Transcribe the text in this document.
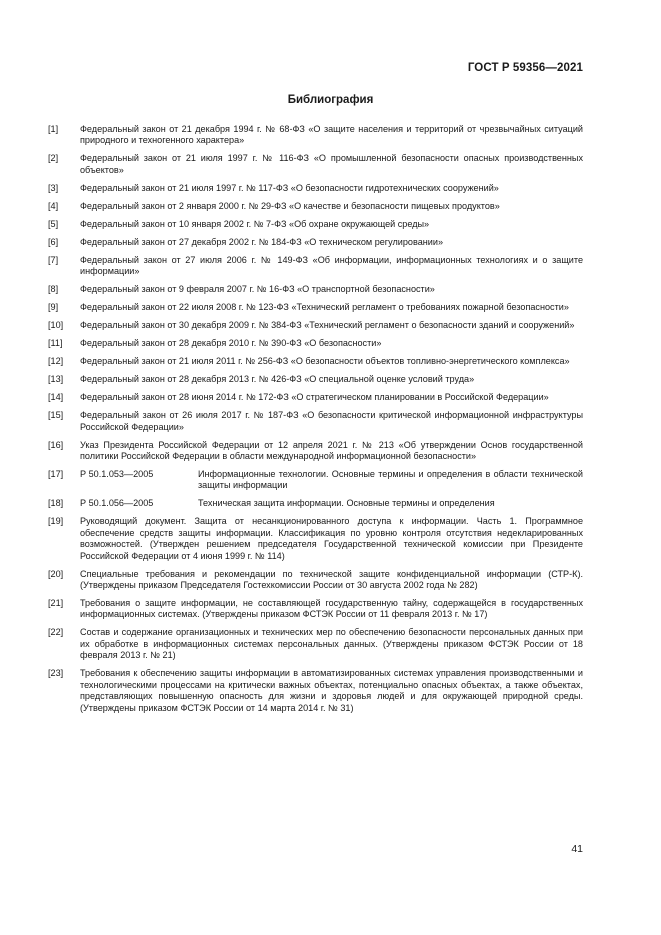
ГОСТ Р 59356—2021
Библиография
[1]	Федеральный закон от 21 декабря 1994 г. № 68-ФЗ «О защите населения и территорий от чрезвычайных ситуаций природного и техногенного характера»
[2]	Федеральный закон от 21 июля 1997 г. № 116-ФЗ «О промышленной безопасности опасных производственных объектов»
[3]	Федеральный закон от 21 июля 1997 г. № 117-ФЗ «О безопасности гидротехнических сооружений»
[4]	Федеральный закон от 2 января 2000 г. № 29-ФЗ «О качестве и безопасности пищевых продуктов»
[5]	Федеральный закон от 10 января 2002 г. № 7-ФЗ «Об охране окружающей среды»
[6]	Федеральный закон от 27 декабря 2002 г. № 184-ФЗ «О техническом регулировании»
[7]	Федеральный закон от 27 июля 2006 г. № 149-ФЗ «Об информации, информационных технологиях и о защите информации»
[8]	Федеральный закон от 9 февраля 2007 г. № 16-ФЗ «О транспортной безопасности»
[9]	Федеральный закон от 22 июля 2008 г. № 123-ФЗ «Технический регламент о требованиях пожарной безопасности»
[10]	Федеральный закон от 30 декабря 2009 г. № 384-ФЗ «Технический регламент о безопасности зданий и сооружений»
[11]	Федеральный закон от 28 декабря 2010 г. № 390-ФЗ «О безопасности»
[12]	Федеральный закон от 21 июля 2011 г. № 256-ФЗ «О безопасности объектов топливно-энергетического комплекса»
[13]	Федеральный закон от 28 декабря 2013 г. № 426-ФЗ «О специальной оценке условий труда»
[14]	Федеральный закон от 28 июня 2014 г. № 172-ФЗ «О стратегическом планировании в Российской Федерации»
[15]	Федеральный закон от 26 июля 2017 г. № 187-ФЗ «О безопасности критической информационной инфраструктуры Российской Федерации»
[16]	Указ Президента Российской Федерации от 12 апреля 2021 г. № 213 «Об утверждении Основ государственной политики Российской Федерации в области международной информационной безопасности»
[17]	Р 50.1.053—2005	Информационные технологии. Основные термины и определения в области технической защиты информации
[18]	Р 50.1.056—2005	Техническая защита информации. Основные термины и определения
[19]	Руководящий документ. Защита от несанкционированного доступа к информации. Часть 1. Программное обеспечение средств защиты информации. Классификация по уровню контроля отсутствия недекларированных возможностей. (Утвержден решением председателя Государственной технической комиссии при Президенте Российской Федерации от 4 июня 1999 г. № 114)
[20]	Специальные требования и рекомендации по технической защите конфиденциальной информации (СТР-К). (Утверждены приказом Председателя Гостехкомиссии России от 30 августа 2002 года № 282)
[21]	Требования о защите информации, не составляющей государственную тайну, содержащейся в государственных информационных системах. (Утверждены приказом ФСТЭК России от 11 февраля 2013 г. № 17)
[22]	Состав и содержание организационных и технических мер по обеспечению безопасности персональных данных при их обработке в информационных системах персональных данных. (Утверждены приказом ФСТЭК России от 18 февраля 2013 г. № 21)
[23]	Требования к обеспечению защиты информации в автоматизированных системах управления производственными и технологическими процессами на критически важных объектах, потенциально опасных объектах, а также объектах, представляющих повышенную опасность для жизни и здоровья людей и для окружающей природной среды. (Утверждены приказом ФСТЭК России от 14 марта 2014 г. № 31)
41
